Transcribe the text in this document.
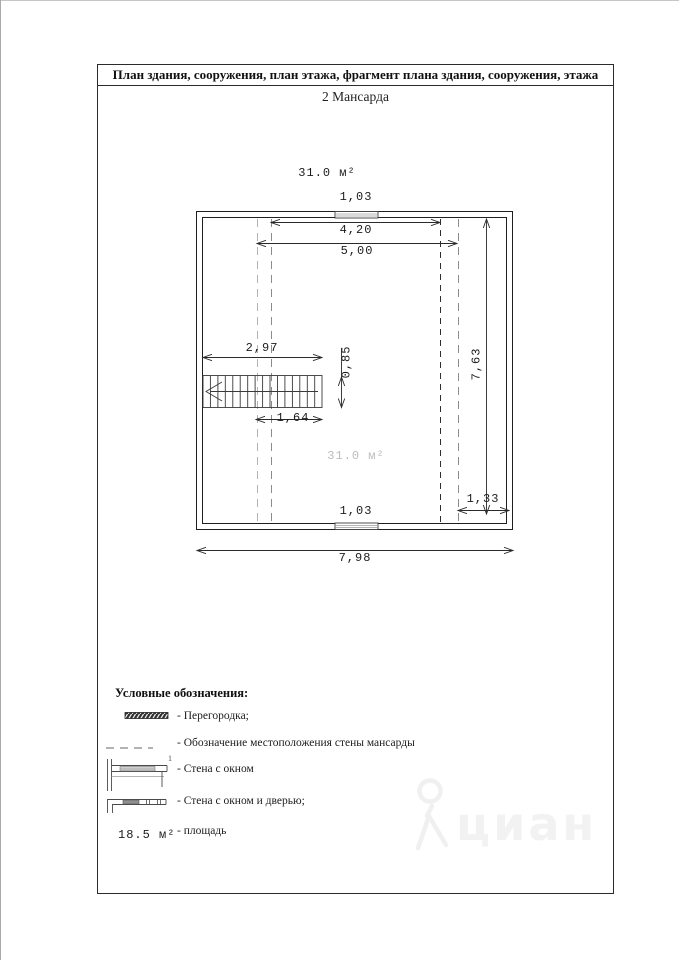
циан
План здания, сооружения, план этажа, фрагмент плана здания, сооружения, этажа
2 Мансарда
31.0 м²
1,03
4,20
5,00
2,97
1,64
0,85	7,63
1,33
1,03
7,98
31.0 м²
Условные обозначения:
- Перегородка;
- Обозначение местоположения стены мансарды
- Стена с окном
1
- Стена с окном и дверью;
18.5 м² - площадь
